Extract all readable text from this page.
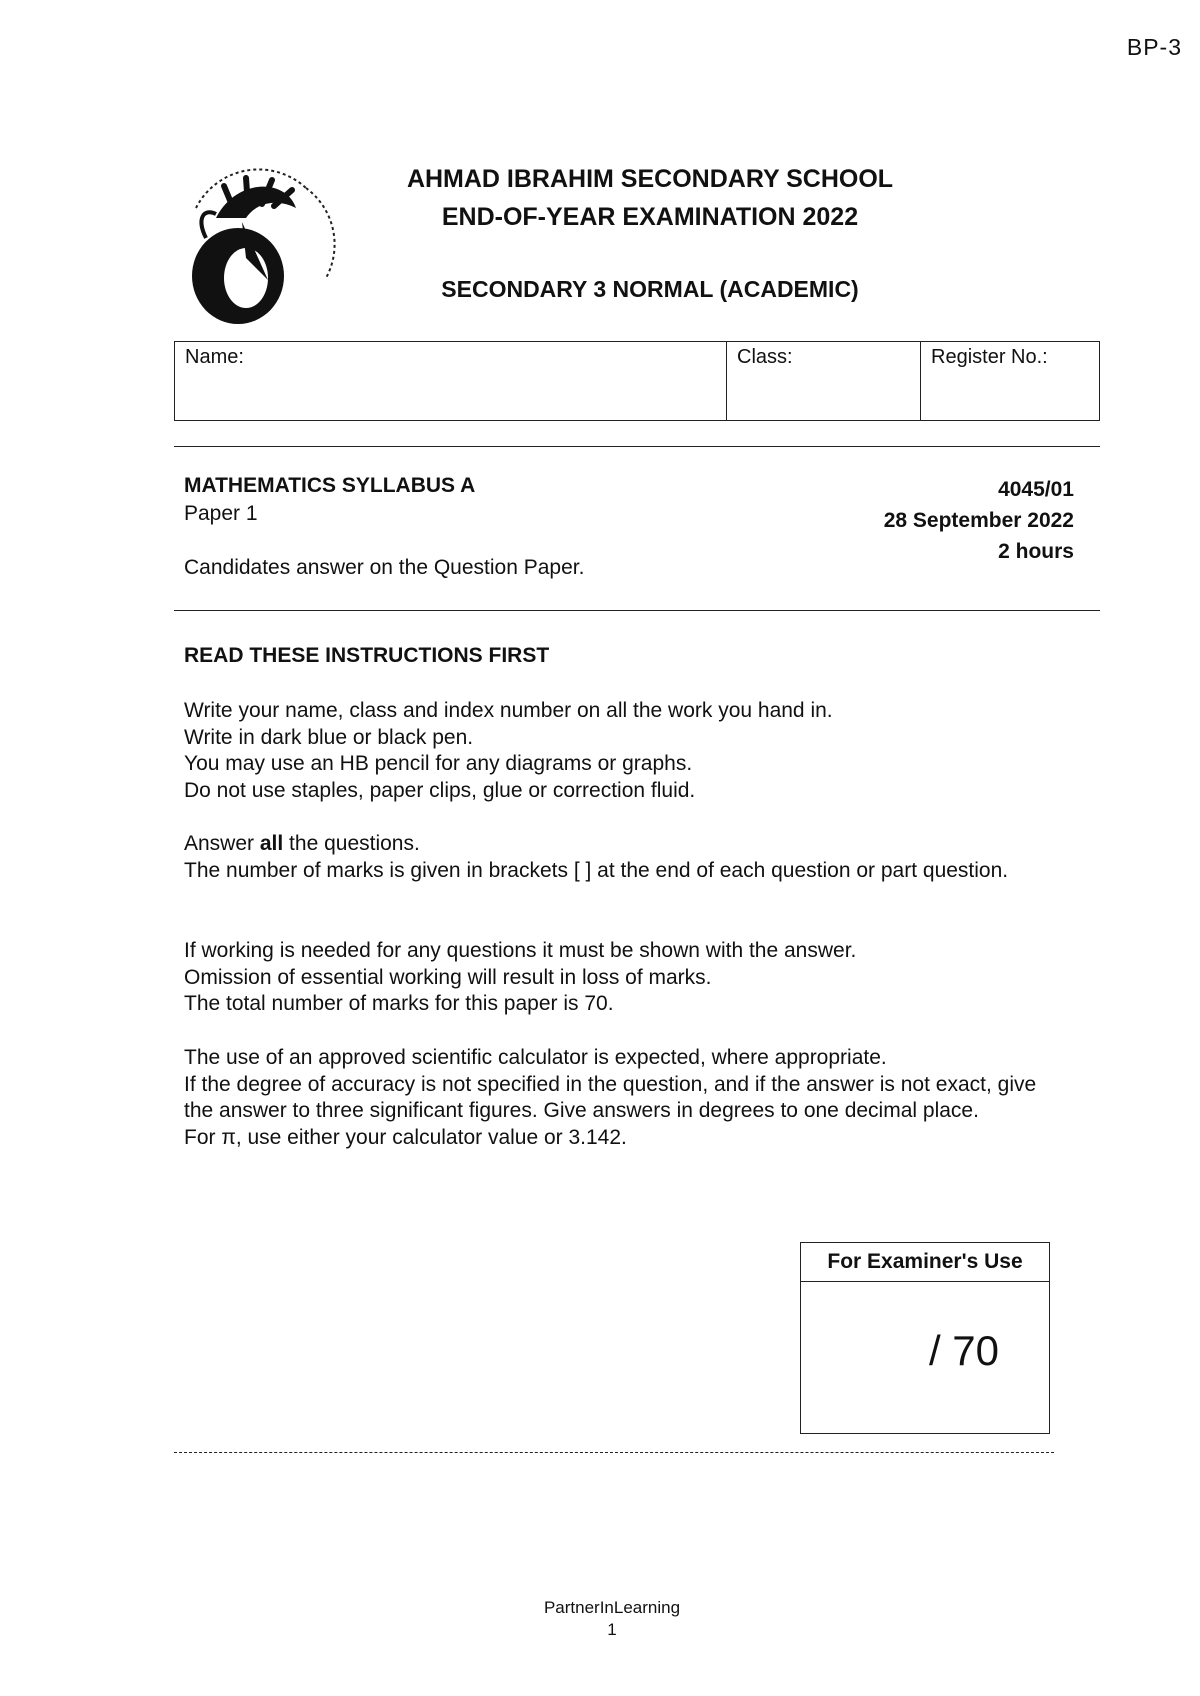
BP-3
AHMAD IBRAHIM SECONDARY SCHOOL
END-OF-YEAR EXAMINATION 2022
SECONDARY 3 NORMAL (ACADEMIC)
Name:	Class:	Register No.:
MATHEMATICS SYLLABUS A
Paper 1
Candidates answer on the Question Paper.
4045/01
28 September 2022
2 hours
READ THESE INSTRUCTIONS FIRST

Write your name, class and index number on all the work you hand in.

Write in dark blue or black pen.

You may use an HB pencil for any diagrams or graphs.

Do not use staples, paper clips, glue or correction fluid.

Answer all the questions.

The number of marks is given in brackets [ ] at the end of each question or part question.

If working is needed for any questions it must be shown with the answer.

Omission of essential working will result in loss of marks.

The total number of marks for this paper is 70.

The use of an approved scientific calculator is expected, where appropriate.

If the degree of accuracy is not specified in the question, and if the answer is not exact, give the answer to three significant figures. Give answers in degrees to one decimal place.

For π, use either your calculator value or 3.142.

For Examiner's Use
/ 70
PartnerInLearning
1
